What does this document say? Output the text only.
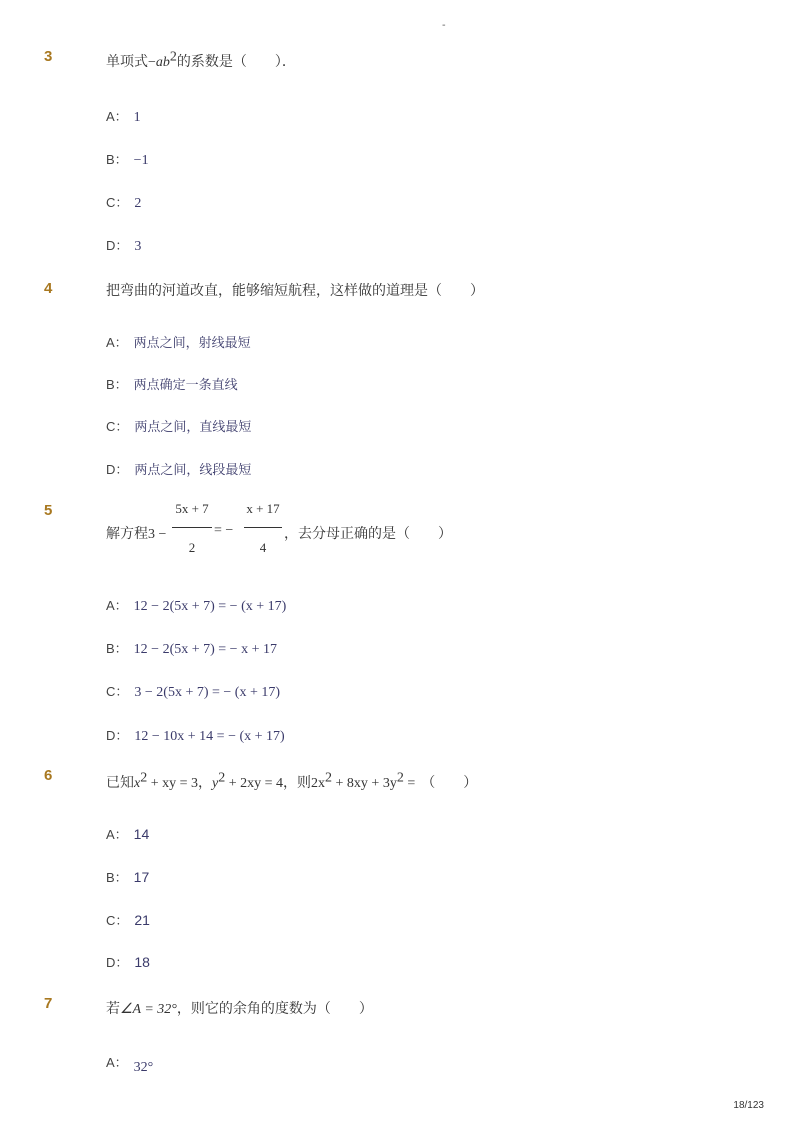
-
3	单项式$-ab^2$的系数是（　　）．
A： 1
B： −1
C： 2
D： 3
4	把弯曲的河道改直，能够缩短航程，这样做的道理是（　　）
A： 两点之间，射线最短
B： 两点确定一条直线
C： 两点之间，直线最短
D： 两点之间，线段最短
5
解方程3 −
5x + 7
2
= −
x + 17
4
，去分母正确的是（　　）
A： 12 − 2(5x + 7) = − (x + 17)
B： 12 − 2(5x + 7) = − x + 17
C： 3 − 2(5x + 7) = − (x + 17)
D： 12 − 10x + 14 = − (x + 17)
6	已知$x^2$ + xy = 3，$y^2 + 2xy = 4$，则$2x^2 + 8xy + 3y^2$ = （　　）
A： 14
B： 17
C： 21
D： 18
7	若∠A = 32°，则它的余角的度数为（　　）
A： 32°
18/123
